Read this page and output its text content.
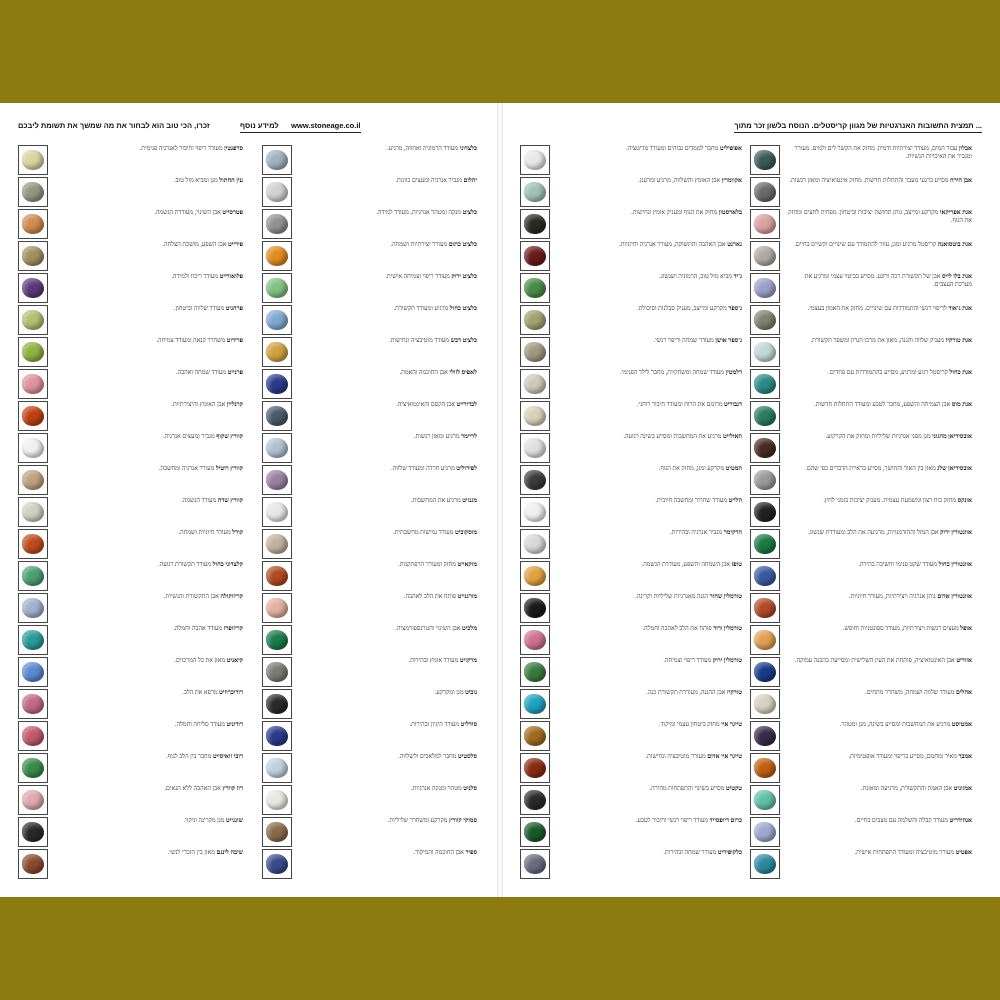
תמצית התשובות האנרגטיות של מגוון קריסטלים. הנוסח בלשון זכר מתוך ...
אבלון עבור המים, מעודד יצירתיות ודמיון. מחזק את הקשר לים ולמים. מעורר ומגביר את האיכויות הנשיות.
אבן הירח מסייע ברגעי מעבר והתחלות חדשות. מחזק אינטואיציה ומאזן רגשות.
אגת אפריקאי מקרקע ומייצב, נותן תחושת יציבות וביטחון. מפחית לחצים ומחזק את הגוף.
אגת בוטסואנה קריסטל מרגיע ומגן, עוזר להתמודד עם שינויים וקשיים בחיים.
אגת בלו לייס אבן של תקשורת רכה ורוגע. מסייע בביטוי עצמי ומרגיע את מערכת העצבים.
אגת ג'אוד לריפוי רגשי והתמודדות עם שינויים. מחזק את האמון בעצמי.
אגת טורקיז מעניק שלווה והגנה, מאזן את מרכז הגרון ומשפר תקשורת.
אגת כחול קריסטל רגוע ומרגיע, מסייע בהתמודדות עם פחדים.
אגת מוס אבן הצמיחה והשפע, מחבר לטבע ומעודד התחלות חדשות.
אובסידיאן מהגוני מגן מפני אנרגיות שליליות ומחזק את הקרקוע.
אובסידיאן שלג מאזן בין האור והחושך, מסייע בראיית הדברים כפי שהם.
אונקס מחזק כוח רצון ומשמעת עצמית. מעניק יציבות בזמני לחץ.
אוונטורין ירוק אבן המזל וההזדמנויות, מרגיעה את הלב ומעודדת שגשוג.
אוונטורין כחול מעודד שקט פנימי וחשיבה בהירה.
אוונטורין אדום נותן אנרגיה ויצירתיות, מעורר חיוניות.
אופל מעצים רגשות ויצירתיות, מעודד ספונטניות וחופש.
אזוריט אבן האינטואיציה, פותחת את העין השלישית ומסייעת בהבנה עמוקה.
אחלים מעודד שלווה ושמחה, משחרר מתחים.
אמטיסט מרגיע את המחשבות ומסייע בשינה, מגן ומטהר.
אמבר מאיר ומחמם, מסייע בריפוי ומעודד אופטימיות.
אמזוניט אבן האמת והתקשורת, מרגיעה ומאזנת.
אנהידריט מעודד קבלה והשלמה עם מצבים בחיים.
אפטיט מעורר מוטיבציה ומעודד התפתחות אישית.
אפופיליט מחבר לממדים גבוהים ומעודד מדיטציה.
אקוומרין אבן האומץ והשלווה, מרגיע ומרענן.
בלאדסטון מחזק את הגוף ומעניק אומץ ונחישות.
גארנט אבן האהבה והתשוקה, מעורר אנרגיה וחיוניות.
ג'יד מביא מזל טוב, הרמוניה ושגשוג.
ג'ספר מקרקע ומייצב, מעניק סבלנות וסיבולת.
ג'ספר אושן מעודד שמחה וריפוי רגשי.
דלמטין מעודד שמחה ומשחקיות, מחבר לילד הפנימי.
דנבוריט מרומם את הרוח ומעודד חיבור רוחני.
האולייט מרגיע את המחשבות ומסייע בשינה רגועה.
המטיט מקרקע ומגן, מחזק את הגוף.
הלייט מעודד שחרור ומחשבה חיובית.
הרקימר מגביר אנרגיה ובהירות.
טופז אבן השמחה והשפע, מעודדת הגשמה.
טורמלין שחור הגנה מאנרגיות שליליות וקרינה.
טורמלין ורוד פותח את הלב לאהבה וחמלה.
טורמלין ירוק מעודד ריפוי וצמיחה.
טורקיז אבן ההגנה, מעודדת תקשורת כנה.
טייגר איי מחזק ביטחון עצמי ומיקוד.
טייגר איי אדום מעורר מוטיבציה ונחישות.
טקטיט מסייע בשינוי והתפתחות מהירה.
כרום דיופסייד מעודד ריפוי רגשי וחיבור לטבע.
כלקופיריט מעורר שמחה ובהירות.
למידע נוסף www.stoneage.co.il
זכרו, הכי טוב הוא לבחור את מה שמשך את תשומת ליבכם
כלצדוני מעודד הרמוניה ואחווה, מרגיע.
יהלום מגביר אנרגיה ומעצים כוונות.
כלציט מנקה ומטהר אנרגיות, מעודד למידה.
כלציט כתום מעורר יצירתיות ושמחה.
כלציט ירוק מעודד ריפוי וצמיחה אישית.
כלציט כחול מרגיע ומעודד תקשורת.
כלציט דבש מעודד מוטיבציה ונחישות.
לאפיס לזולי אבן החוכמה והאמת.
לבדורייט אבן הקסם והאינטואיציה.
לריימר מרגיע ומאזן רגשות.
לפידוליט מרגיע חרדה ומעודד שלווה.
מגנזיט מרגיע את המחשבות.
מוסקוביט מעודד גמישות מחשבתית.
מוקאייט מחזק ומעורר הרפתקנות.
מורגנייט פותח את הלב לאהבה.
מלכיט אבן השינוי והטרנספורמציה.
מרקזיט מעודד אומץ ובהירות.
נוביט מגן ומקרקע.
סודליט מעודד היגיון ובהירות.
סלסטיט מחבר למלאכים ולשלווה.
סלניט מטהר ומנקה אנרגיות.
סמוקי קוורץ מקרקע ומשחרר שליליות.
ספיר אבן החוכמה והמיקוד.
סרפנטין מעודד ריפוי וחיבור לאנרגיה פנימית.
עין החתול מגן ומביא מזל טוב.
פטרסייט אבן השינוי, מעודדת הגשמה.
פירייט אבן השפע, מושכת הצלחה.
פלואורייט מעודד ריכוז ולמידה.
פרהניט מעודד שלווה וביטחון.
פרידוט משחרר קנאה ומעודד צמיחה.
פרנייט מעודד שמחה ואהבה.
קרנליין אבן האומץ והיצירתיות.
קוורץ שקוף מגביר ומעצים אנרגיה.
קוורץ רוטיל מעורר אנרגיה ומחשבה.
קוורץ שדה מעודד הגשמה.
קורל מעודד חיוניות ושמחה.
קלצדוני כחול מעודד תקשורת רגועה.
קריזוקולה אבן התקשורת והנשיות.
קריזופרז מעודד אהבה וחמלה.
קיאניט מאזן את כל המרכזים.
רודוכרוזיט מרפא את הלב.
רודוניט מעודד סליחה וחמלה.
רובי זואיסייט מחבר בין הלב לגוף.
רוז קוורץ אבן האהבה ללא תנאים.
שונגייט מגן מקרינה וניקוי.
שיבה לינגם מאזן בין הזכרי לנשי.
